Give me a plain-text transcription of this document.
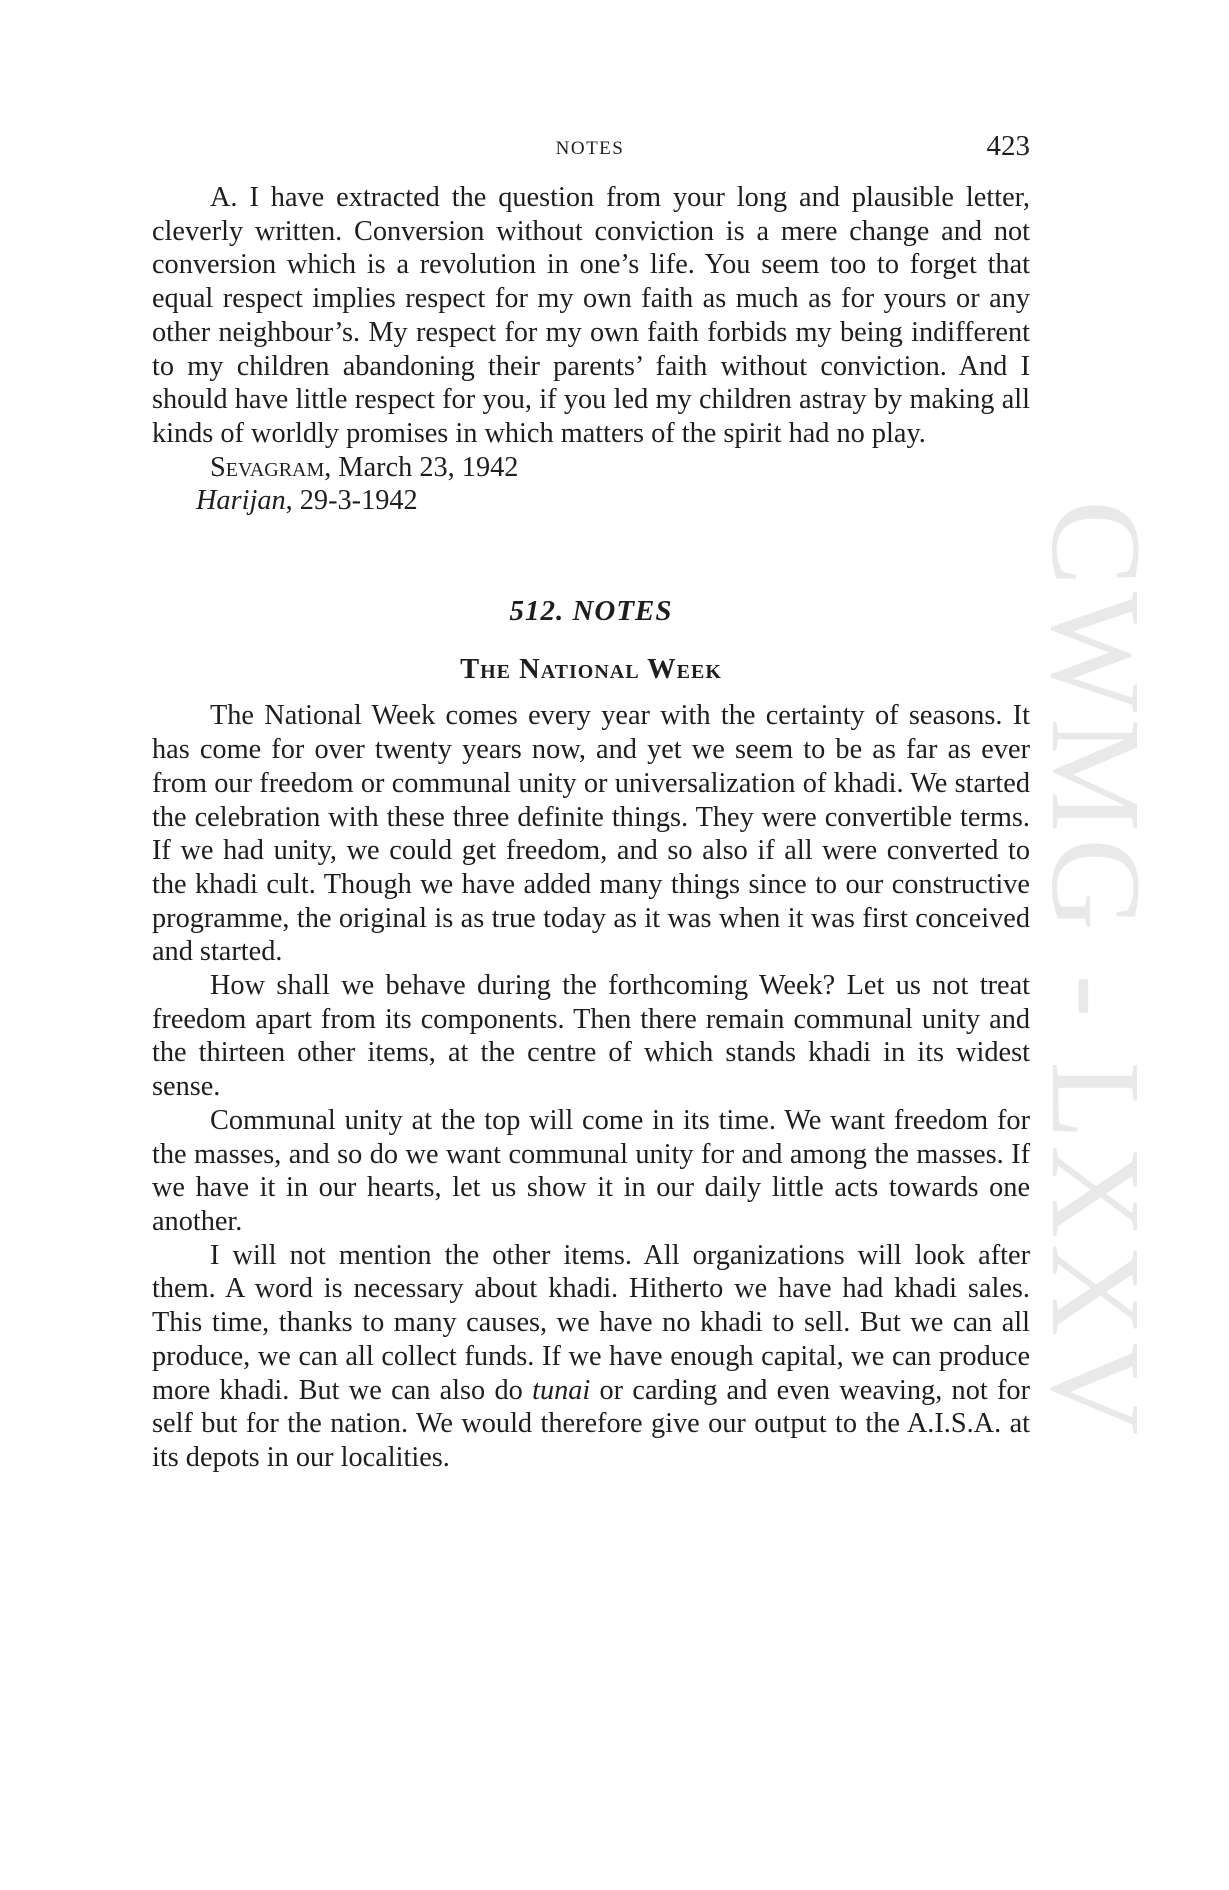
CWMG - LXXV
NOTES	423

A. I have extracted the question from your long and plausible letter, cleverly written. Conversion without conviction is a mere change and not conversion which is a revolution in one’s life. You seem too to forget that equal respect implies respect for my own faith as much as for yours or any other neighbour’s. My respect for my own faith forbids my being indifferent to my children abandoning their parents’ faith without conviction. And I should have little respect for you, if you led my children astray by making all kinds of worldly promises in which matters of the spirit had no play.

Sevagram, March 23, 1942

Harijan, 29-3-1942

512. NOTES
The National Week

The National Week comes every year with the certainty of seasons. It has come for over twenty years now, and yet we seem to be as far as ever from our freedom or communal unity or universalization of khadi. We started the celebration with these three definite things. They were convertible terms. If we had unity, we could get freedom, and so also if all were converted to the khadi cult. Though we have added many things since to our constructive programme, the original is as true today as it was when it was first conceived and started.

How shall we behave during the forthcoming Week? Let us not treat freedom apart from its components. Then there remain communal unity and the thirteen other items, at the centre of which stands khadi in its widest sense.

Communal unity at the top will come in its time. We want freedom for the masses, and so do we want communal unity for and among the masses. If we have it in our hearts, let us show it in our daily little acts towards one another.

I will not mention the other items. All organizations will look after them. A word is necessary about khadi. Hitherto we have had khadi sales. This time, thanks to many causes, we have no khadi to sell. But we can all produce, we can all collect funds. If we have enough capital, we can produce more khadi. But we can also do tunai or carding and even weaving, not for self but for the nation. We would therefore give our output to the A.I.S.A. at its depots in our localities.
